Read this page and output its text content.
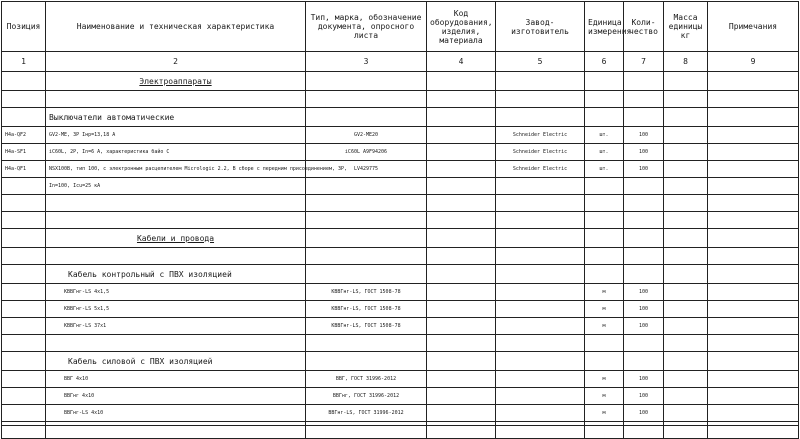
Позиция	Наименование и техническая характеристика	Тип, марка, обозначение документа, опросного листа	Код оборудования, изделия, материала	Завод-изготовитель	Единица измерения	Коли-чество	Масса единицы кг	Примечания
1	2	3	4	5	6	7	8	9
	Электроаппараты							

	Выключатели автоматические							
Н4а-QF2	GV2-ME, 3P Iнр=13,18 А	GV2-ME20		Schneider Electric	шт.	100		
Н4а-SF1	iC60L, 2P, In=6 А, характеристика байо С	iC60L A9F94206		Schneider Electric	шт.	100		
Н4а-QF1	NSX100B, тип 100, с электронным расцепителем Micrologic 2.2, В сборе с передним присоединением, 3P,	LV429775		Schneider Electric	шт.	100		
	In=100, Icu=25 кА							

	Кабели и провода							

	Кабель контрольный с ПВХ изоляцией							
	КВВГнг-LS 4х1,5	КВВГнг-LS, ГОСТ 1508-78			м	100		
	КВВГнг-LS 5х1,5	КВВГнг-LS, ГОСТ 1508-78			м	100		
	КВВГнг-LS 37х1	КВВГнг-LS, ГОСТ 1508-78			м	100		

	Кабель силовой с ПВХ изоляцией							
	ВВГ 4х10	ВВГ, ГОСТ 31996-2012			м	100		
	ВВГнг 4х10	ВВГнг, ГОСТ 31996-2012			м	100		
	ВВГнг-LS 4х10	ВВГнг-LS, ГОСТ 31996-2012			м	100		
